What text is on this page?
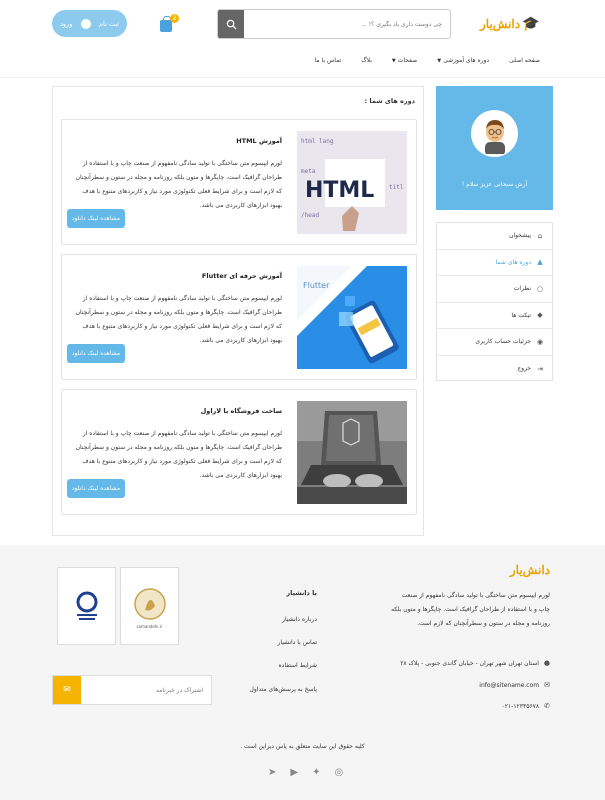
دانش‌یار 🎓
چی دوست داری یاد بگیری ؟! ...
2
ثبت نام
ورود
صفحه اصلی
دوره های آموزشی▼
صفحات▼
بلاگ
تماس با ما
آرش سبحانی عزیز سلام !
⌂
پیشخوان
▲
دوره های شما
○
نظرات
◆
تیکت ها
◉
جزئیات حساب کاربری
⇥
خروج
دوره های شما :
html lang
meta
/head
titl
HTML
آموزش HTML
لورم ایپسوم متن ساختگی با تولید سادگی نامفهوم از صنعت چاپ و با استفاده از طراحان گرافیک است. چاپگرها و متون بلکه روزنامه و مجله در ستون و سطرآنچنان که لازم است و برای شرایط فعلی تکنولوژی مورد نیاز و کاربردهای متنوع با هدف بهبود ابزارهای کاربردی می باشد.
مشاهده لینک دانلود
Flutter
آموزش حرفه ای Flutter
لورم ایپسوم متن ساختگی با تولید سادگی نامفهوم از صنعت چاپ و با استفاده از طراحان گرافیک است. چاپگرها و متون بلکه روزنامه و مجله در ستون و سطرآنچنان که لازم است و برای شرایط فعلی تکنولوژی مورد نیاز و کاربردهای متنوع با هدف بهبود ابزارهای کاربردی می باشد.
مشاهده لینک دانلود
ساخت فروشگاه با لاراول
لورم ایپسوم متن ساختگی با تولید سادگی نامفهوم از صنعت چاپ و با استفاده از طراحان گرافیک است. چاپگرها و متون بلکه روزنامه و مجله در ستون و سطرآنچنان که لازم است و برای شرایط فعلی تکنولوژی مورد نیاز و کاربردهای متنوع با هدف بهبود ابزارهای کاربردی می باشد.
مشاهده لینک دانلود
دانش‌یار
لورم ایپسوم متن ساختگی با تولید سادگی نامفهوم از صنعت چاپ و با استفاده از طراحان گرافیک است. چاپگرها و متون بلکه روزنامه و مجله در ستون و سطرآنچنان که لازم است.
●
استان تهران شهر تهران - خیابان گاندی جنوبی - پلاک ۲۸
✉
info@sitename.com
✆
۰۲۱-۱۲۳۴۵۶۷۸
با دانشیار
درباره دانشیار
تماس با دانشیار
شرایط استفاده
پاسخ به پرسش‌های متداول
samandehi.ir
✉
اشتراک در خبرنامه
کلیه حقوق این سایت متعلق به پاس دیراین است .
➤ ▶ ✦ ◎
